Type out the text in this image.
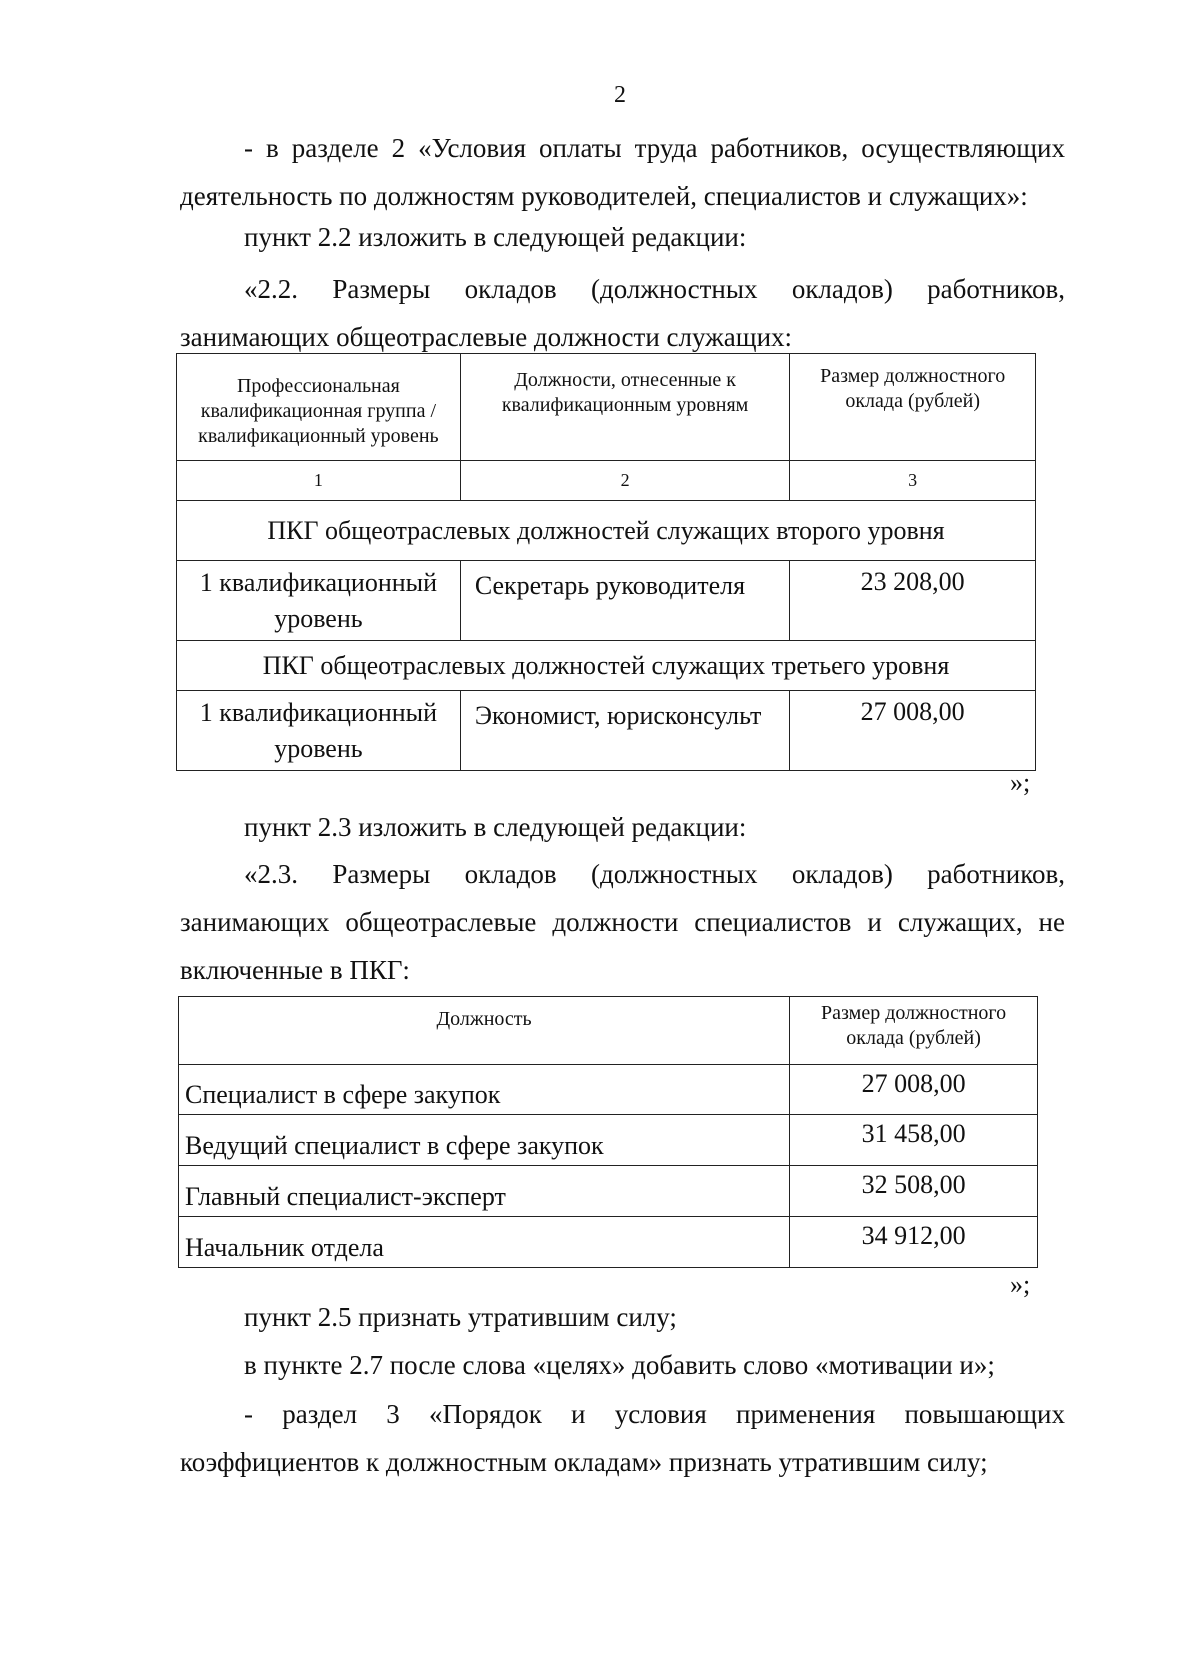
2
- в разделе 2 «Условия оплаты труда работников, осуществляющих деятельность по должностям руководителей, специалистов и служащих»:
пункт 2.2 изложить в следующей редакции:
«2.2. Размеры окладов (должностных окладов) работников, занимающих общеотраслевые должности служащих:
Профессиональная квалификационная группа / квалификационный уровень	Должности, отнесенные к квалификационным уровням	Размер должностного оклада (рублей)
1	2	3
ПКГ общеотраслевых должностей служащих второго уровня		
1 квалификационный уровень	Секретарь руководителя	23 208,00
ПКГ общеотраслевых должностей служащих третьего уровня		
1 квалификационный уровень	Экономист, юрисконсульт	27 008,00
»;
пункт 2.3 изложить в следующей редакции:
«2.3. Размеры окладов (должностных окладов) работников, занимающих общеотраслевые должности специалистов и служащих, не включенные в ПКГ:
Должность	Размер должностного оклада (рублей)
Специалист в сфере закупок	27 008,00
Ведущий специалист в сфере закупок	31 458,00
Главный специалист-эксперт	32 508,00
Начальник отдела	34 912,00
»;
пункт 2.5 признать утратившим силу;
в пункте 2.7 после слова «целях» добавить слово «мотивации и»;
- раздел 3 «Порядок и условия применения повышающих коэффициентов к должностным окладам» признать утратившим силу;
